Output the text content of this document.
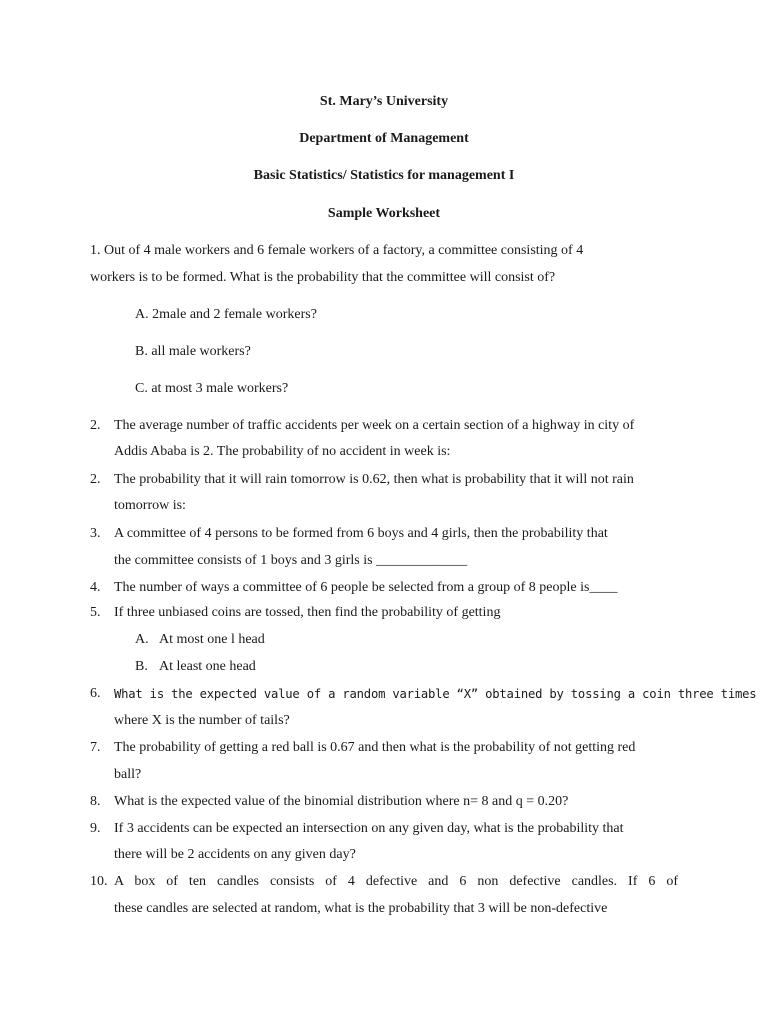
St. Mary’s University
Department of Management
Basic Statistics/ Statistics for management I
Sample Worksheet
1. Out of 4 male workers and 6 female workers of a factory, a committee consisting of 4
workers is to be formed. What is the probability that the committee will consist of?
A. 2male and 2 female workers?
B. all male workers?
C. at most 3 male workers?
2. The average number of traffic accidents per week on a certain section of a highway in city of
Addis Ababa is 2. The probability of no accident in week is:
2. The probability that it will rain tomorrow is 0.62, then what is probability that it will not rain
tomorrow is:
3. A committee of 4 persons to be formed from 6 boys and 4 girls, then the probability that
the committee consists of 1 boys and 3 girls is _____________
4. The number of ways a committee of 6 people be selected from a group of 8 people is____
5. If three unbiased coins are tossed, then find the probability of getting
A. At most one l head
B. At least one head
6. What is the expected value of a random variable “X” obtained by tossing a coin three times
where X is the number of tails?
7. The probability of getting a red ball is 0.67 and then what is the probability of not getting red
ball?
8. What is the expected value of the binomial distribution where n= 8 and q = 0.20?
9. If 3 accidents can be expected an intersection on any given day, what is the probability that
there will be 2 accidents on any given day?
10. A box of ten candles consists of 4 defective and 6 non defective candles. If 6 of
these candles are selected at random, what is the probability that 3 will be non-defective
